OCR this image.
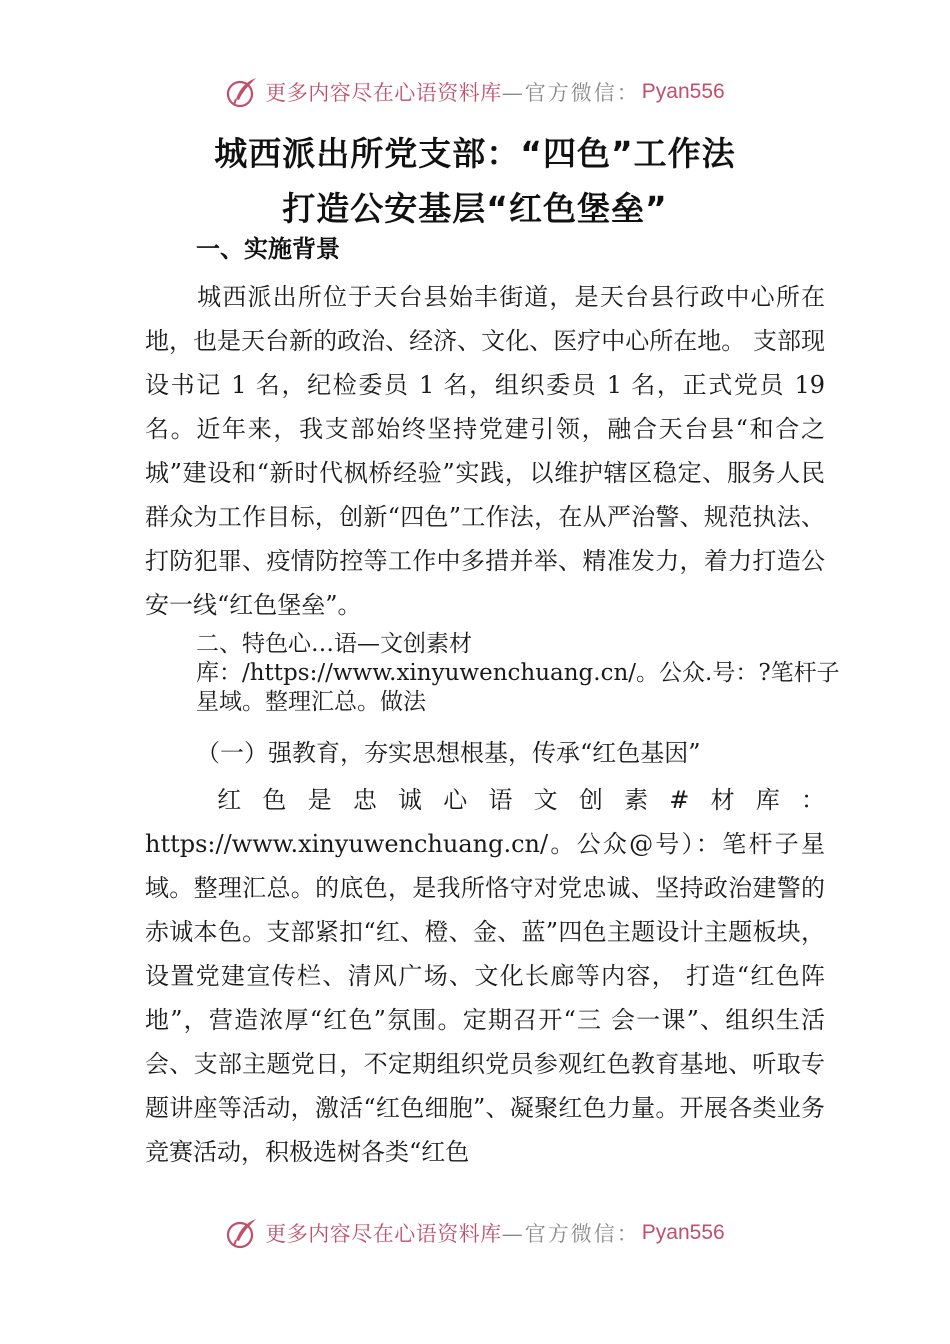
更多内容尽在心语资料库 —官方微信： Pyan556
城西派出所党支部：“四色”工作法
打造公安基层“红色堡垒”
一、实施背景
城西派出所位于天台县始丰街道，是天台县行政中心所在地，也是天台新的政治、经济、文化、医疗中心所在地。 支部现设书记 1 名，纪检委员 1 名，组织委员 1 名，正式党员 19 名。近年来，我支部始终坚持党建引领，融合天台县“和合之城”建设和“新时代枫桥经验”实践，以维护辖区稳定、服务人民群众为工作目标，创新“四色”工作法，在从严治警、规范执法、打防犯罪、疫情防控等工作中多措并举、精准发力，着力打造公安一线“红色堡垒”。
二、特色心…语—文创素材库：/https://www.xinyuwenchuang.cn/。公众.号：?笔杆子星域。整理汇总。做法
（一）强教育，夯实思想根基，传承“红色基因”
红色是忠诚心语文创素#材库：https://www.xinyuwenchuang.cn/。公众@号）：笔杆子星域。整理汇总。的底色，是我所恪守对党忠诚、坚持政治建警的赤诚本色。支部紧扣“红、橙、金、蓝”四色主题设计主题板块，设置党建宣传栏、清风广场、文化长廊等内容， 打造“红色阵地”，营造浓厚“红色”氛围。定期召开“三 会一课”、组织生活会、支部主题党日，不定期组织党员参观红色教育基地、听取专题讲座等活动，激活“红色细胞”、凝聚红色力量。开展各类业务竞赛活动，积极选树各类“红色
更多内容尽在心语资料库 —官方微信： Pyan556
